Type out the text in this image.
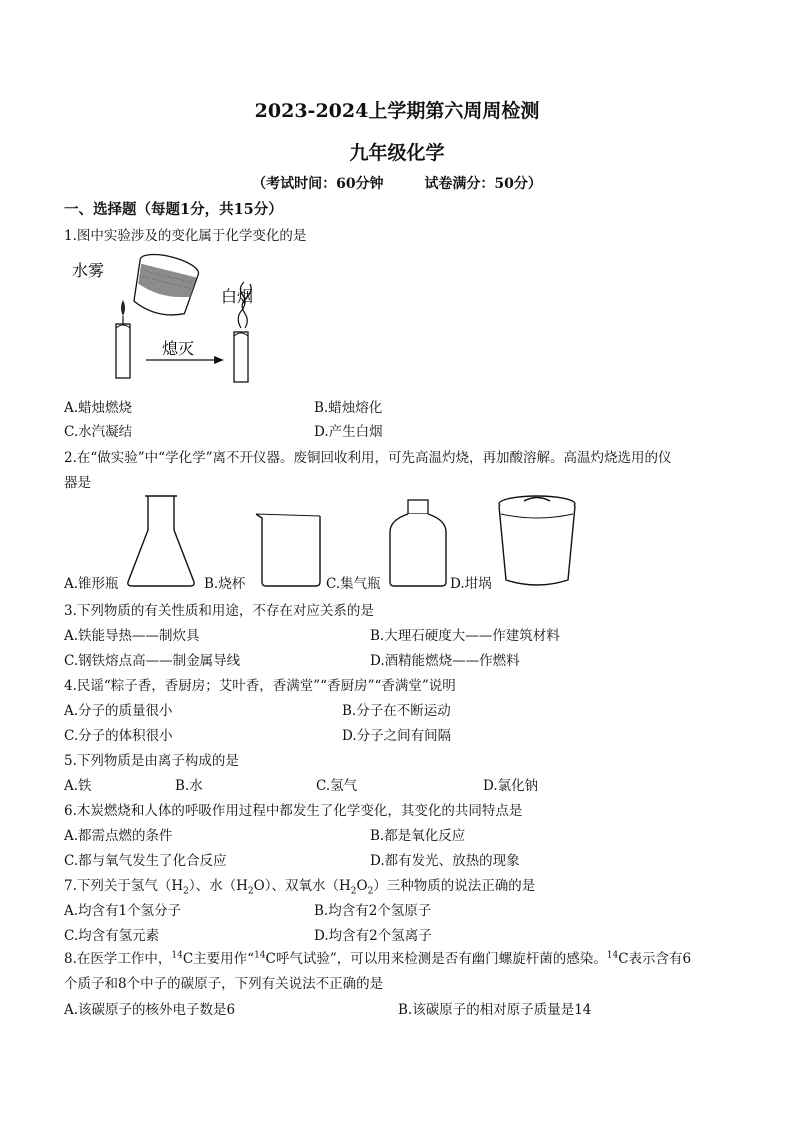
2023-2024上学期第六周周检测
九年级化学
（考试时间：60分钟	试卷满分：50分）
一、选择题（每题1分，共15分）
1.图中实验涉及的变化属于化学变化的是
水雾
白烟
熄灭
A.蜡烛燃烧	B.蜡烛熔化
C.水汽凝结	D.产生白烟
2.在“做实验”中“学化学”离不开仪器。废铜回收利用，可先高温灼烧，再加酸溶解。高温灼烧选用的仪
器是
A.锥形瓶	B.烧杯	C.集气瓶	D.坩埚
3.下列物质的有关性质和用途，不存在对应关系的是
A.铁能导热——制炊具	B.大理石硬度大——作建筑材料
C.钢铁熔点高——制金属导线	D.酒精能燃烧——作燃料
4.民谣“粽子香，香厨房；艾叶香，香满堂”“香厨房”“香满堂”说明
A.分子的质量很小	B.分子在不断运动
C.分子的体积很小	D.分子之间有间隔
5.下列物质是由离子构成的是
A.铁	B.水	C.氢气	D.氯化钠
6.木炭燃烧和人体的呼吸作用过程中都发生了化学变化，其变化的共同特点是
A.都需点燃的条件	B.都是氧化反应
C.都与氧气发生了化合反应	D.都有发光、放热的现象
7.下列关于氢气$(H_2)$、水$(H_2O)$、双氧水$(H_2O_2)$三种物质的说法正确的是
A.均含有1个氢分子	B.均含有2个氢原子
C.均含有氢元素	D.均含有2个氢离子
8.在医学工作中，$^{14}$C主要用作“$^{14}$C呼气试验”，可以用来检测是否有幽门螺旋杆菌的感染。$^{14}$C表示含有6
个质子和8个中子的碳原子，下列有关说法不正确的是
A.该碳原子的核外电子数是6	B.该碳原子的相对原子质量是14
